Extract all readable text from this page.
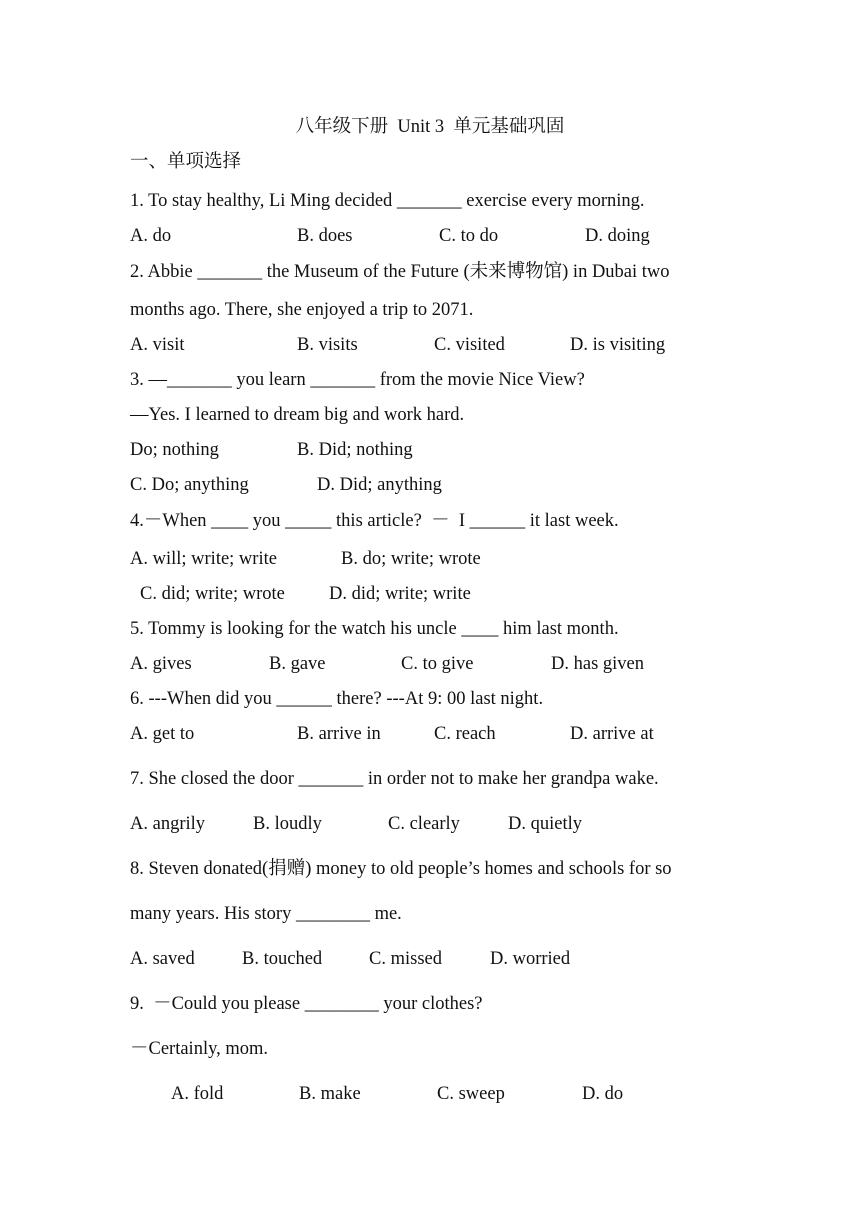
八年级下册  Unit 3  单元基础巩固
一、单项选择
1. To stay healthy, Li Ming decided _______ exercise every morning.
A. do	B. does	C. to do	D. doing
2. Abbie _______ the Museum of the Future (未来博物馆) in Dubai two
months ago. There, she enjoyed a trip to 2071.
A. visit	B. visits	C. visited	D. is visiting
3. —_______ you learn _______ from the movie Nice View?
—Yes. I learned to dream big and work hard.
Do; nothing	B. Did; nothing
C. Do; anything	D. Did; anything
4.－When ____ you _____ this article?  －  I ______ it last week.
A. will; write; write	B. do; write; wrote
C. did; write; wrote D. did; write; write
5. Tommy is looking for the watch his uncle ____ him last month.
A. gives	B. gave	C. to give	D. has given
6. ---When did you ______ there? ---At 9: 00 last night.
A. get to	B. arrive in	C. reach	D. arrive at
7. She closed the door _______ in order not to make her grandpa wake.
A. angrily	B. loudly	C. clearly	D. quietly
8. Steven donated(捐赠) money to old people’s homes and schools for so
many years. His story ________ me.
A. saved	B. touched	C. missed	D. worried
9.  －Could you please ________ your clothes?
－Certainly, mom.
A. fold	B. make	C. sweep	D. do
